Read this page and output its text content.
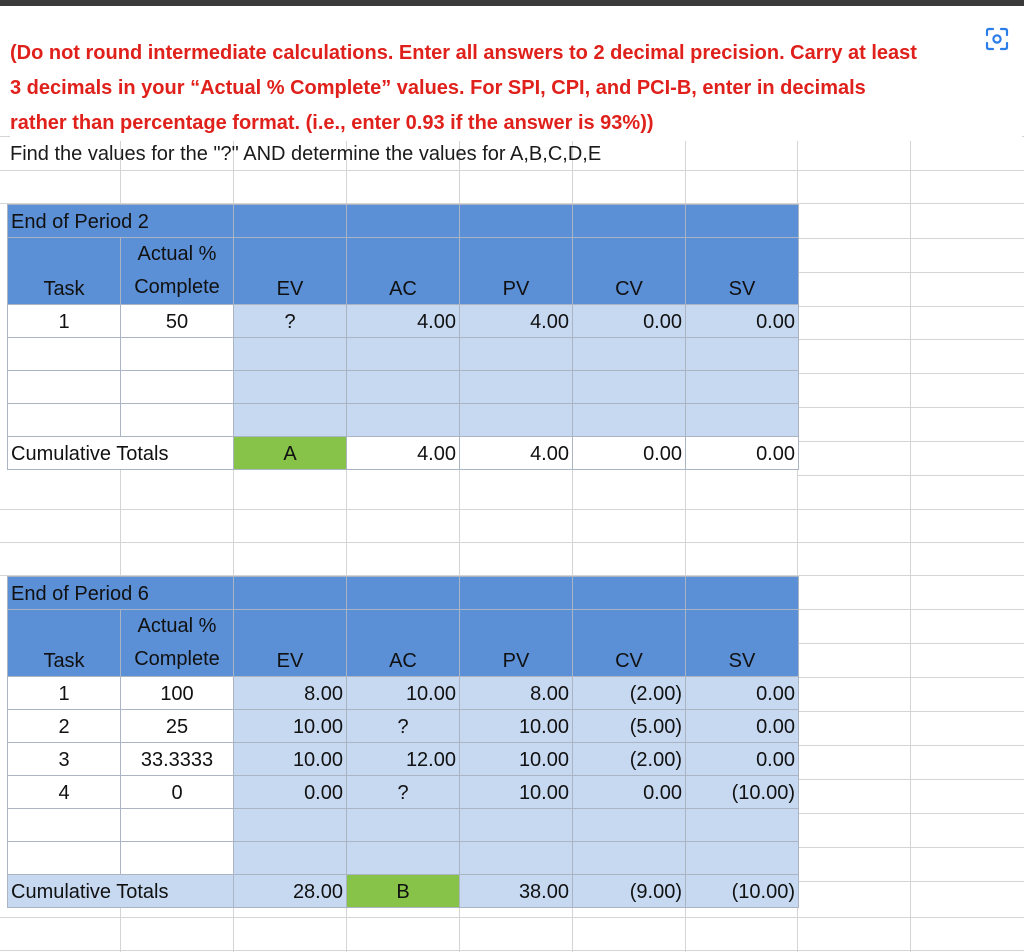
(Do not round intermediate calculations. Enter all answers to 2 decimal precision. Carry at least
3 decimals in your “Actual % Complete” values. For SPI, CPI, and PCI-B, enter in decimals
rather than percentage format. (i.e., enter 0.93 if the answer is 93%))
Find the values for the "?" AND determine the values for A,B,C,D,E
End of Period 2						
Task	Actual %
Complete	EV	AC	PV	CV	SV
1	50	?	4.00	4.00	0.00	0.00

Cumulative Totals		A	4.00	4.00	0.00	0.00
End of Period 6						
Task	Actual %
Complete	EV	AC	PV	CV	SV
1	100	8.00	10.00	8.00	(2.00)	0.00
2	25	10.00	?	10.00	(5.00)	0.00
3	33.3333	10.00	12.00	10.00	(2.00)	0.00
4	0	0.00	?	10.00	0.00	(10.00)

Cumulative Totals		28.00	B	38.00	(9.00)	(10.00)
